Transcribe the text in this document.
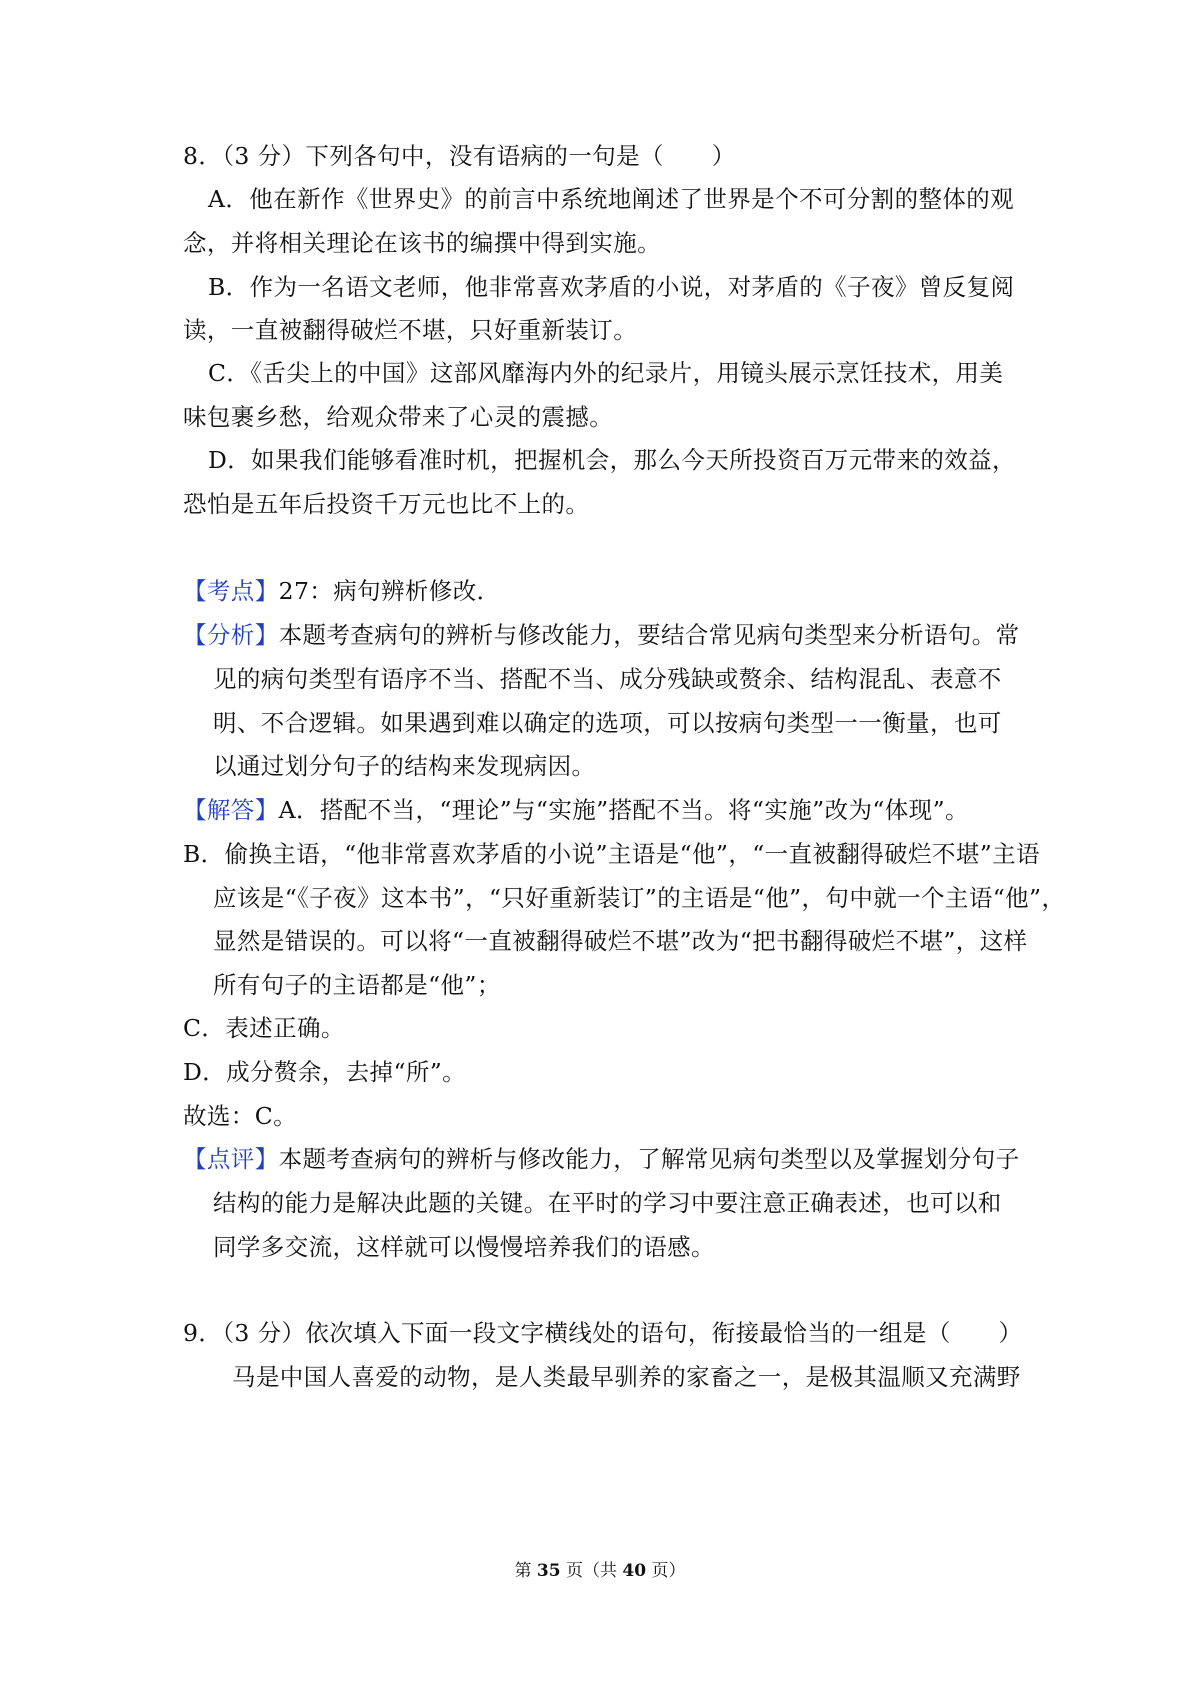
8．（3 分）下列各句中，没有语病的一句是（　　）
A．他在新作《世界史》的前言中系统地阐述了世界是个不可分割的整体的观
念，并将相关理论在该书的编撰中得到实施。
B．作为一名语文老师，他非常喜欢茅盾的小说，对茅盾的《子夜》曾反复阅
读，一直被翻得破烂不堪，只好重新装订。
C．《舌尖上的中国》这部风靡海内外的纪录片，用镜头展示烹饪技术，用美
味包裹乡愁，给观众带来了心灵的震撼。
D．如果我们能够看准时机，把握机会，那么今天所投资百万元带来的效益，
恐怕是五年后投资千万元也比不上的。
【考点】27：病句辨析修改．
【分析】本题考查病句的辨析与修改能力，要结合常见病句类型来分析语句。常
见的病句类型有语序不当、搭配不当、成分残缺或赘余、结构混乱、表意不
明、不合逻辑。如果遇到难以确定的选项，可以按病句类型一一衡量，也可
以通过划分句子的结构来发现病因。
【解答】A．搭配不当，“理论”与“实施”搭配不当。将“实施”改为“体现”。
B．偷换主语，“他非常喜欢茅盾的小说”主语是“他”，“一直被翻得破烂不堪”主语
应该是“《子夜》这本书”，“只好重新装订”的主语是“他”，句中就一个主语“他”，
显然是错误的。可以将“一直被翻得破烂不堪”改为“把书翻得破烂不堪”，这样
所有句子的主语都是“他”；
C．表述正确。
D．成分赘余，去掉“所”。
故选：C。
【点评】本题考查病句的辨析与修改能力，了解常见病句类型以及掌握划分句子
结构的能力是解决此题的关键。在平时的学习中要注意正确表述，也可以和
同学多交流，这样就可以慢慢培养我们的语感。
9．（3 分）依次填入下面一段文字横线处的语句，衔接最恰当的一组是（　　）
马是中国人喜爱的动物，是人类最早驯养的家畜之一，是极其温顺又充满野
第 35 页（共 40 页）
